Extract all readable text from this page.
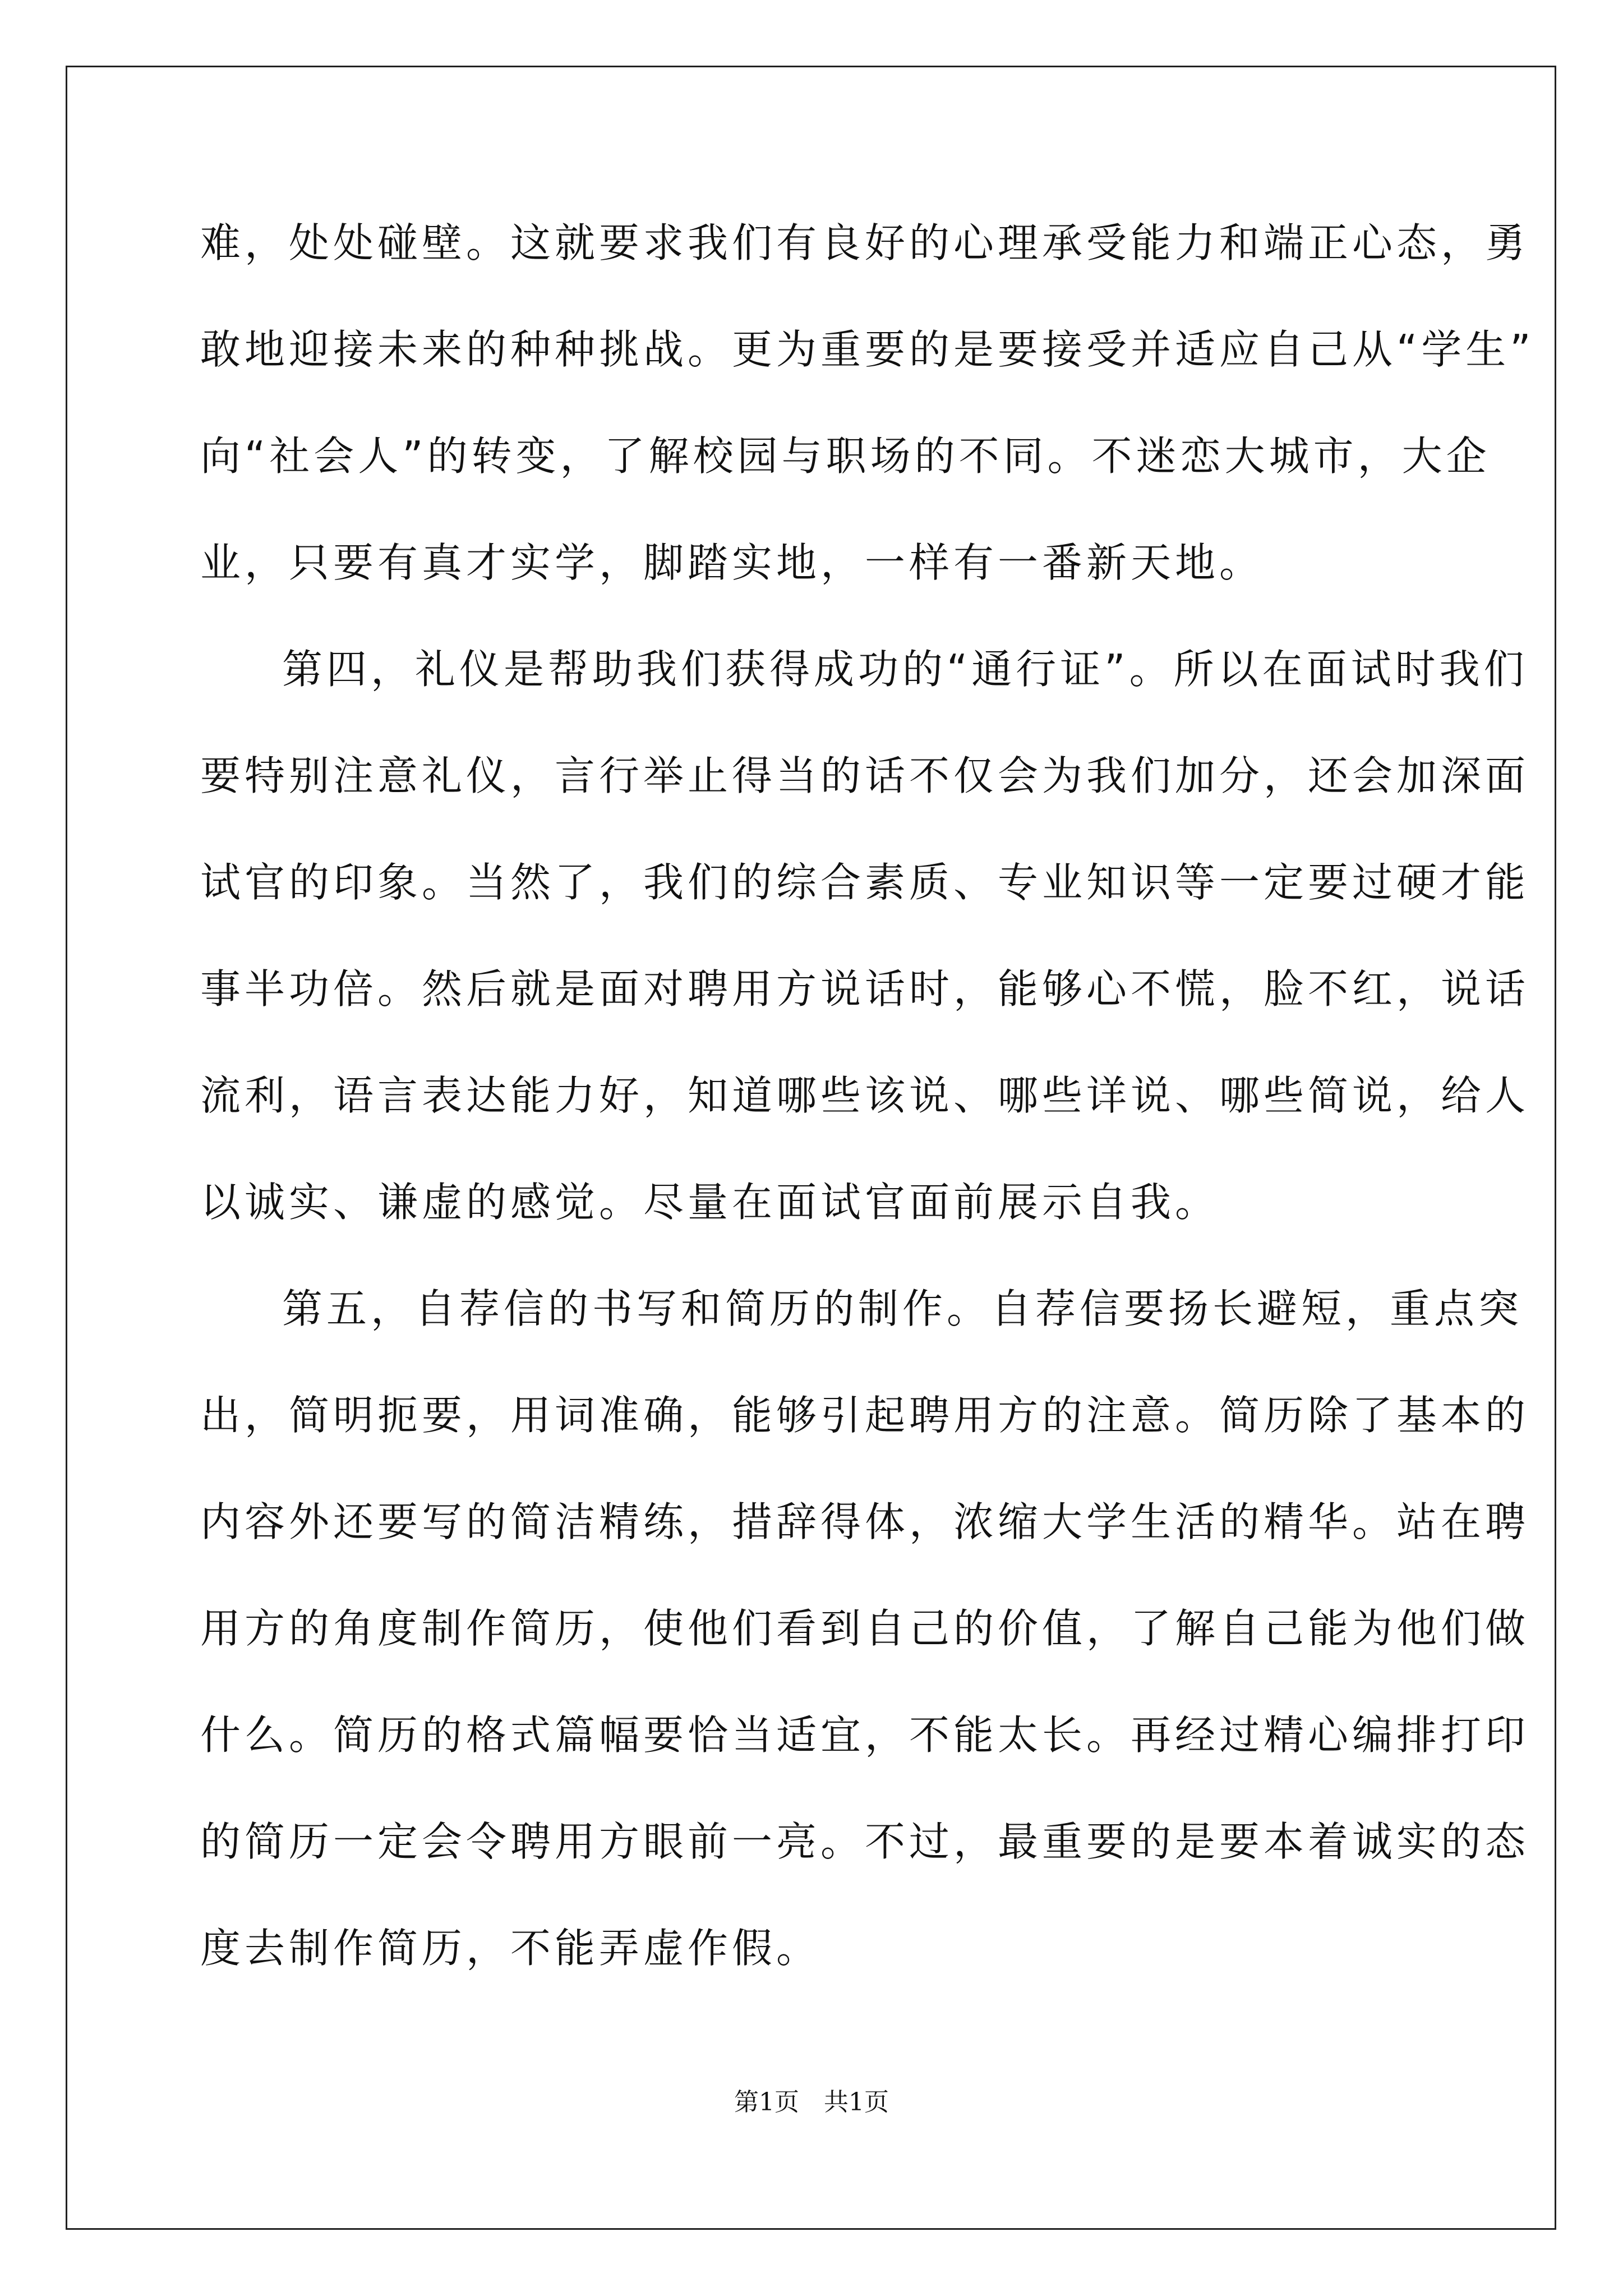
难，处处碰壁。这就要求我们有良好的心理承受能力和端正心态，勇
敢地迎接未来的种种挑战。更为重要的是要接受并适应自己从“学生”
向“社会人”的转变，了解校园与职场的不同。不迷恋大城市，大企
业，只要有真才实学，脚踏实地，一样有一番新天地。
第四，礼仪是帮助我们获得成功的“通行证”。所以在面试时我们
要特别注意礼仪，言行举止得当的话不仅会为我们加分，还会加深面
试官的印象。当然了，我们的综合素质、专业知识等一定要过硬才能
事半功倍。然后就是面对聘用方说话时，能够心不慌，脸不红，说话
流利，语言表达能力好，知道哪些该说、哪些详说、哪些简说，给人
以诚实、谦虚的感觉。尽量在面试官面前展示自我。
第五，自荐信的书写和简历的制作。自荐信要扬长避短，重点突
出，简明扼要，用词准确，能够引起聘用方的注意。简历除了基本的
内容外还要写的简洁精练，措辞得体，浓缩大学生活的精华。站在聘
用方的角度制作简历，使他们看到自己的价值，了解自己能为他们做
什么。简历的格式篇幅要恰当适宜，不能太长。再经过精心编排打印
的简历一定会令聘用方眼前一亮。不过，最重要的是要本着诚实的态
度去制作简历，不能弄虚作假。
第1页　共1页
